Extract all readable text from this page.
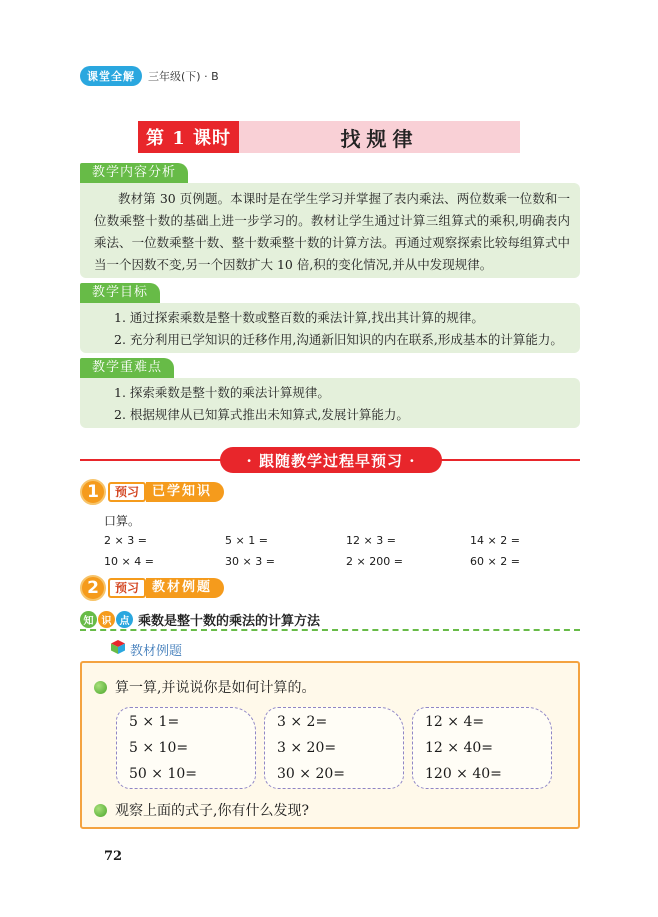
课堂全解	三年级(下) · B
第 1 课时	找规律
教学内容分析

教材第 30 页例题。本课时是在学生学习并掌握了表内乘法、两位数乘一位数和一位数乘整十数的基础上进一步学习的。教材让学生通过计算三组算式的乘积,明确表内乘法、一位数乘整十数、整十数乘整十数的计算方法。再通过观察探索比较每组算式中当一个因数不变,另一个因数扩大 10 倍,积的变化情况,并从中发现规律。

教学目标
1. 通过探索乘数是整十数或整百数的乘法计算,找出其计算的规律。
2. 充分利用已学知识的迁移作用,沟通新旧知识的内在联系,形成基本的计算能力。
教学重难点
1. 探索乘数是整十数的乘法计算规律。
2. 根据规律从已知算式推出未知算式,发展计算能力。
· 跟随教学过程早预习 ·
1	预习	已学知识
口算。
2 × 3 =	5 × 1 =	12 × 3 =	14 × 2 =
10 × 4 =	30 × 3 =	2 × 200 =	60 × 2 =
2	预习	教材例题
知 识 点 乘数是整十数的乘法的计算方法
教材例题
算一算,并说说你是如何计算的。
5 × 1=
5 × 10=
50 × 10=
3 × 2=
3 × 20=
30 × 20=
12 × 4=
12 × 40=
120 × 40=
观察上面的式子,你有什么发现?
72
